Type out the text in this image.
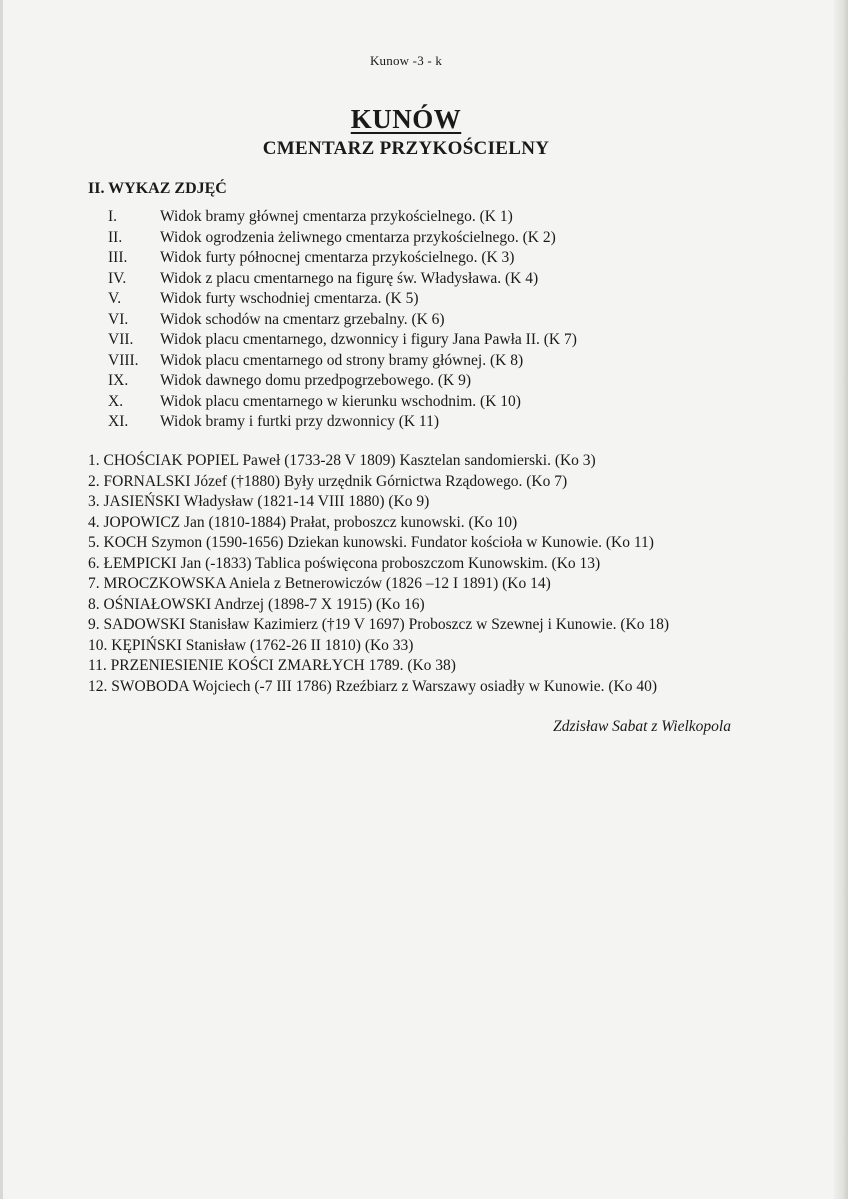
Kunow -3 - k
KUNÓW
CMENTARZ PRZYKOŚCIELNY
II. WYKAZ ZDJĘĆ
I.	Widok bramy głównej cmentarza przykościelnego. (K 1)
II.	Widok ogrodzenia żeliwnego cmentarza przykościelnego. (K 2)
III.	Widok furty północnej cmentarza przykościelnego. (K 3)
IV.	Widok z placu cmentarnego na figurę św. Władysława. (K 4)
V.	Widok furty wschodniej cmentarza. (K 5)
VI.	Widok schodów na cmentarz grzebalny. (K 6)
VII.	Widok placu cmentarnego, dzwonnicy i figury Jana Pawła II. (K 7)
VIII.	Widok placu cmentarnego od strony bramy głównej. (K 8)
IX.	Widok dawnego domu przedpogrzebowego. (K 9)
X.	Widok placu cmentarnego w kierunku wschodnim. (K 10)
XI.	Widok bramy i furtki przy dzwonnicy (K 11)
1. CHOŚCIAK POPIEL Paweł (1733-28 V 1809) Kasztelan sandomierski. (Ko 3)
2. FORNALSKI Józef (†1880) Były urzędnik Górnictwa Rządowego. (Ko 7)
3. JASIEŃSKI Władysław (1821-14 VIII 1880) (Ko 9)
4. JOPOWICZ Jan (1810-1884) Prałat, proboszcz kunowski. (Ko 10)
5. KOCH Szymon (1590-1656) Dziekan kunowski. Fundator kościoła w Kunowie. (Ko 11)
6. ŁEMPICKI Jan (-1833) Tablica poświęcona proboszczom Kunowskim. (Ko 13)
7. MROCZKOWSKA Aniela z Betnerowiczów (1826 –12 I 1891) (Ko 14)
8. OŚNIAŁOWSKI Andrzej (1898-7 X 1915) (Ko 16)
9. SADOWSKI Stanisław Kazimierz (†19 V 1697) Proboszcz w Szewnej i Kunowie. (Ko 18)
10. KĘPIŃSKI Stanisław (1762-26 II 1810) (Ko 33)
11. PRZENIESIENIE KOŚCI ZMARŁYCH 1789. (Ko 38)
12. SWOBODA Wojciech (-7 III 1786) Rzeźbiarz z Warszawy osiadły w Kunowie. (Ko 40)
Zdzisław Sabat z Wielkopola
